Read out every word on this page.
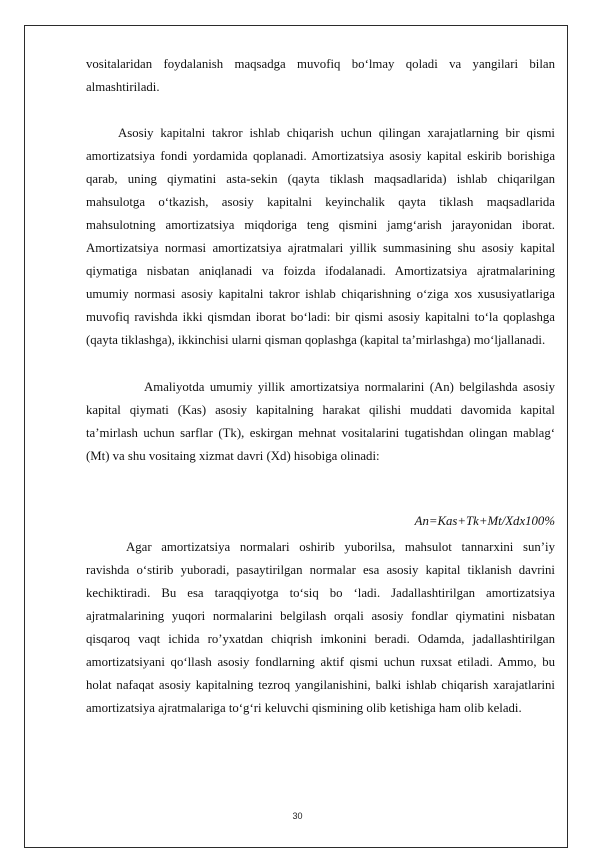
vositalaridan foydalanish maqsadga muvofiq bo‘lmay qoladi va yangilari bilan almashtiriladi.

Asosiy kapitalni takror ishlab chiqarish uchun qilingan xarajatlarning bir qismi amortizatsiya fondi yordamida qoplanadi. Amortizatsiya asosiy kapital eskirib borishiga qarab, uning qiymatini asta-sekin (qayta tiklash maqsadlarida) ishlab chiqarilgan mahsulotga o‘tkazish, asosiy kapitalni keyinchalik qayta tiklash maqsadlarida mahsulotning amortizatsiya miqdoriga teng qismini jamg‘arish jarayonidan iborat. Amortizatsiya normasi amortizatsiya ajratmalari yillik summasining shu asosiy kapital qiymatiga nisbatan aniqlanadi va foizda ifodalanadi. Amortizatsiya ajratmalarining umumiy normasi asosiy kapitalni takror ishlab chiqarishning o‘ziga xos xususiyatlariga muvofiq ravishda ikki qismdan iborat bo‘ladi: bir qismi asosiy kapitalni to‘la qoplashga (qayta tiklashga), ikkinchisi ularni qisman qoplashga (kapital ta’mirlashga) mo‘ljallanadi.

Amaliyotda umumiy yillik amortizatsiya normalarini (An) belgilashda asosiy kapital qiymati (Kas) asosiy kapitalning harakat qilishi muddati davomida kapital ta’mirlash uchun sarflar (Tk), eskirgan mehnat vositalarini tugatishdan olingan mablag‘ (Mt) va shu vositaing xizmat davri (Xd) hisobiga olinadi:

An=Kas+Tk+Mt/Xdx100%

Agar amortizatsiya normalari oshirib yuborilsa, mahsulot tannarxini sun’iy ravishda o‘stirib yuboradi, pasaytirilgan normalar esa asosiy kapital tiklanish davrini kechiktiradi. Bu esa taraqqiyotga to‘siq bo ‘ladi. Jadallashtirilgan amortizatsiya ajratmalarining yuqori normalarini belgilash orqali asosiy fondlar qiymatini nisbatan qisqaroq vaqt ichida ro’yxatdan chiqrish imkonini beradi. Odamda, jadallashtirilgan amortizatsiyani qo‘llash asosiy fondlarning aktif qismi uchun ruxsat etiladi. Ammo, bu holat nafaqat asosiy kapitalning tezroq yangilanishini, balki ishlab chiqarish xarajatlarini amortizatsiya ajratmalariga to‘g‘ri keluvchi qismining olib ketishiga ham olib keladi.

30
